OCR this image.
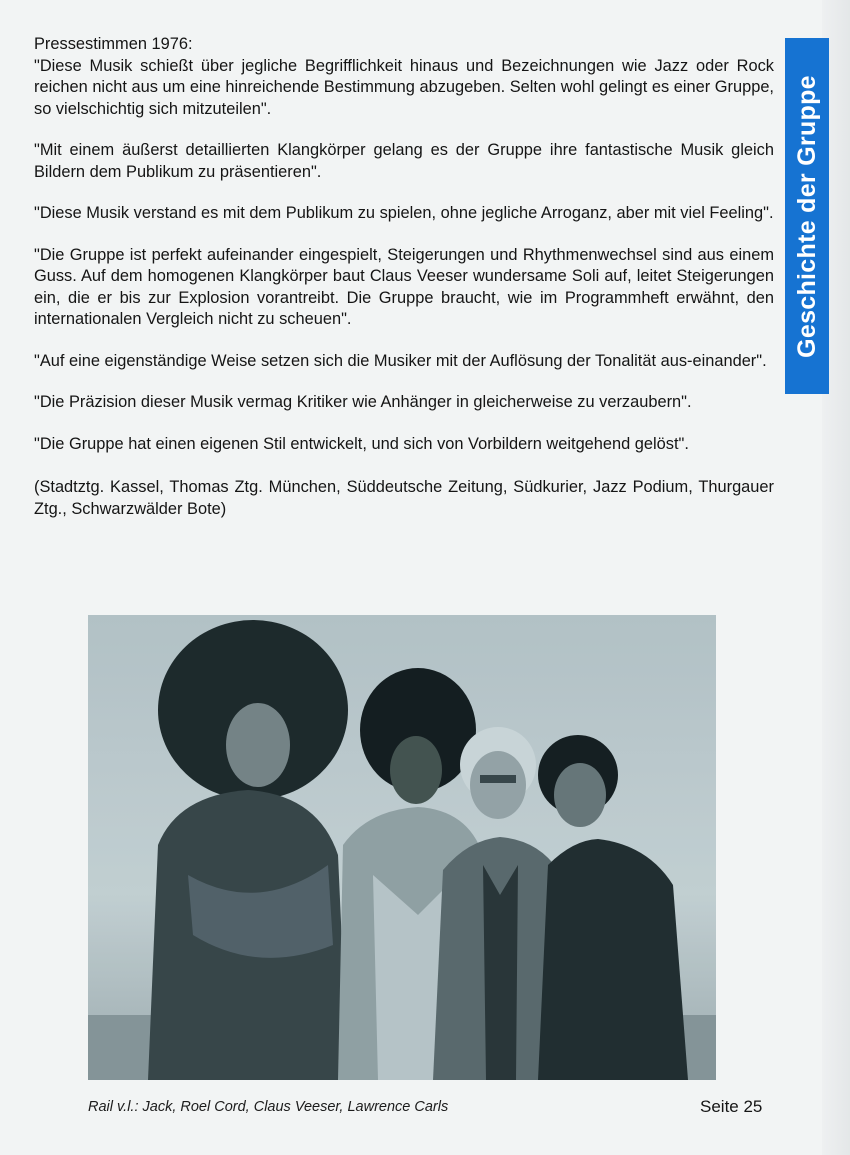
Pressestimmen 1976:

"Diese Musik schießt über jegliche Begrifflichkeit hinaus und Bezeichnungen wie Jazz oder Rock reichen nicht aus um eine hinreichende Bestimmung abzugeben. Selten wohl gelingt es einer Gruppe, so vielschichtig sich mitzuteilen".

"Mit einem äußerst detaillierten Klangkörper gelang es der Gruppe ihre fantastische Musik gleich Bildern dem Publikum zu präsentieren".

"Diese Musik verstand es mit dem Publikum zu spielen, ohne jegliche Arroganz, aber mit viel Feeling".

"Die Gruppe ist perfekt aufeinander eingespielt, Steigerungen und Rhythmenwechsel sind aus einem Guss. Auf dem homogenen Klangkörper baut Claus Veeser wundersame Soli auf, leitet Steigerungen ein, die er bis zur Explosion vorantreibt. Die Gruppe braucht, wie im Programmheft erwähnt, den internationalen Vergleich nicht zu scheuen".

"Auf eine eigenständige Weise setzen sich die Musiker mit der Auflösung der Tonalität aus-einander".

"Die Präzision dieser Musik vermag Kritiker wie Anhänger in gleicherweise zu verzaubern".

"Die Gruppe hat einen eigenen Stil entwickelt, und sich von Vorbildern weitgehend gelöst".

(Stadtztg. Kassel, Thomas Ztg. München, Süddeutsche Zeitung, Südkurier, Jazz Podium, Thurgauer Ztg., Schwarzwälder Bote)

Geschichte der Gruppe
Rail v.l.: Jack, Roel Cord, Claus Veeser, Lawrence Carls	Seite 25
